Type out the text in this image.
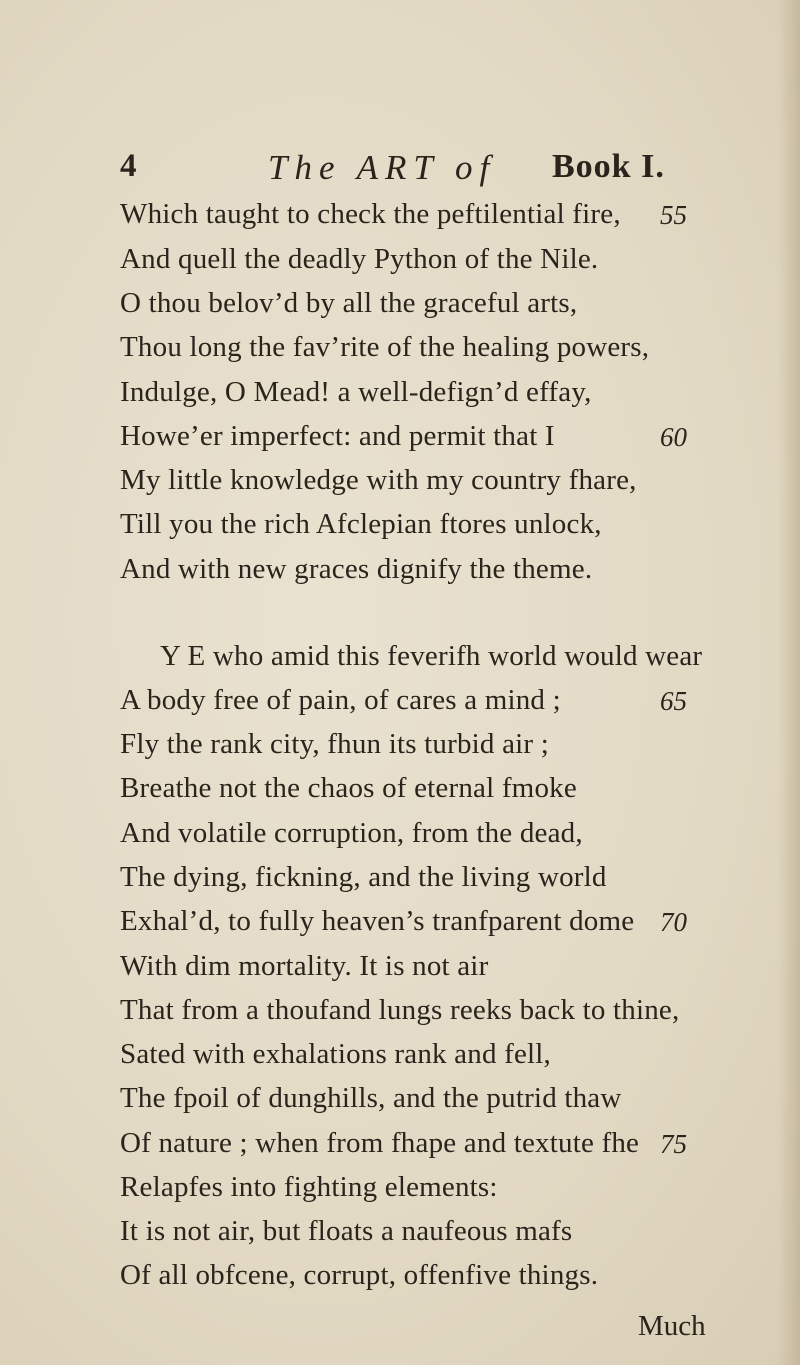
4	The ART of Book I.
Which taught to check the peftilential fire,
And quell the deadly Python of the Nile.
O thou belov’d by all the graceful arts,
Thou long the fav’rite of the healing powers,
Indulge, O Mead! a well-defign’d effay,
Howe’er imperfect: and permit that I
My little knowledge with my country fhare,
Till you the rich Afclepian ftores unlock,
And with new graces dignify the theme.
Y E who amid this feverifh world would wear
A body free of pain, of cares a mind ;
Fly the rank city, fhun its turbid air ;
Breathe not the chaos of eternal fmoke
And volatile corruption, from the dead,
The dying, fickning, and the living world
Exhal’d, to fully heaven’s tranfparent dome
With dim mortality. It is not air
That from a thoufand lungs reeks back to thine,
Sated with exhalations rank and fell,
The fpoil of dunghills, and the putrid thaw
Of nature ; when from fhape and textute fhe
Relapfes into fighting elements:
It is not air, but floats a naufeous mafs
Of all obfcene, corrupt, offenfive things.
55
60
65
70
75
Much
